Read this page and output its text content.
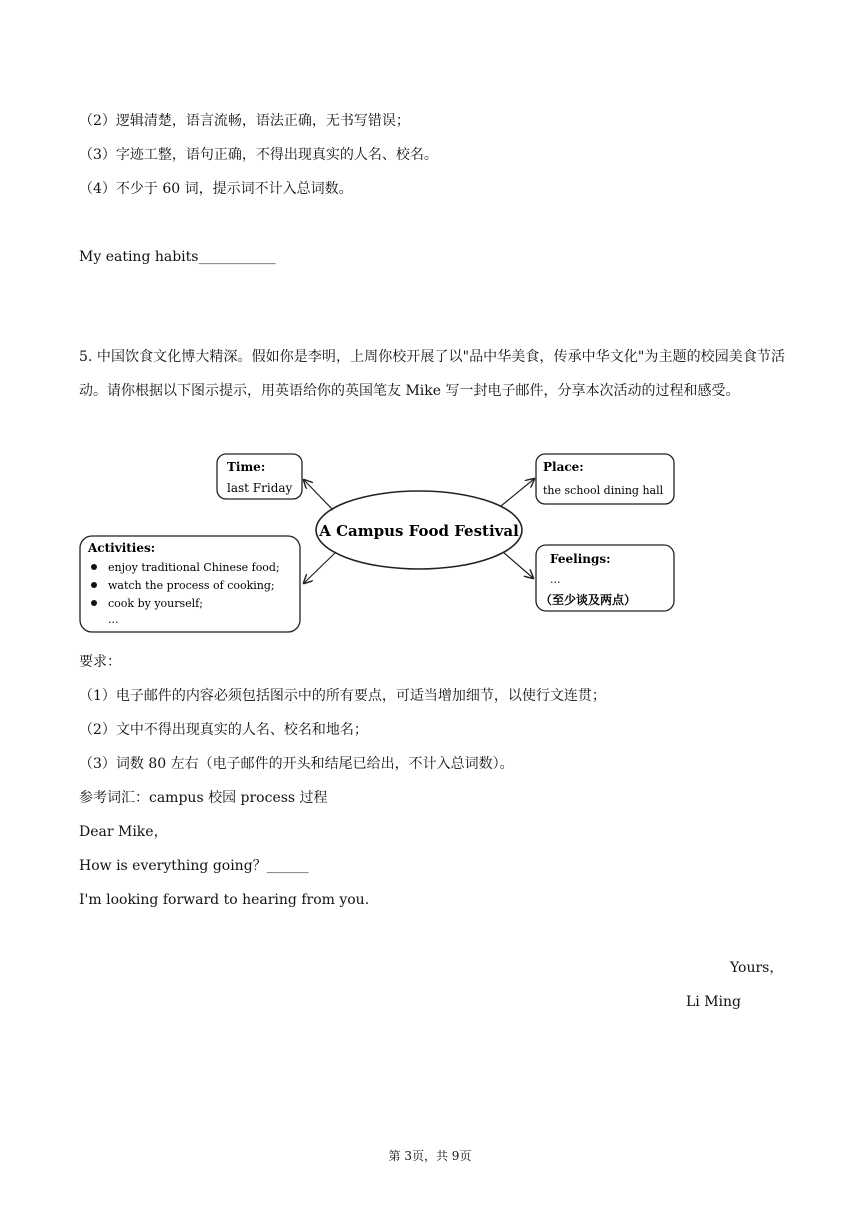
（2）逻辑清楚，语言流畅，语法正确，无书写错误；
（3）字迹工整，语句正确，不得出现真实的人名、校名。
（4）不少于 60 词，提示词不计入总词数。
My eating habits___________
5. 中国饮食文化博大精深。假如你是李明，上周你校开展了以"品中华美食，传承中华文化"为主题的校园美食节活动。请你根据以下图示提示，用英语给你的英国笔友 Mike 写一封电子邮件，分享本次活动的过程和感受。
A Campus Food Festival
Time:
last Friday
Place:
the school dining hall
Activities:
enjoy traditional Chinese food;
watch the process of cooking;
cook by yourself;
...
Feelings:
...
（至少谈及两点）
要求：
（1）电子邮件的内容必须包括图示中的所有要点，可适当增加细节，以使行文连贯；
（2）文中不得出现真实的人名、校名和地名；
（3）词数 80 左右（电子邮件的开头和结尾已给出，不计入总词数）。
参考词汇：campus 校园 process 过程
Dear Mike，
How is everything going？______
I'm looking forward to hearing from you.
Yours，
Li Ming
第 3页，共 9页
